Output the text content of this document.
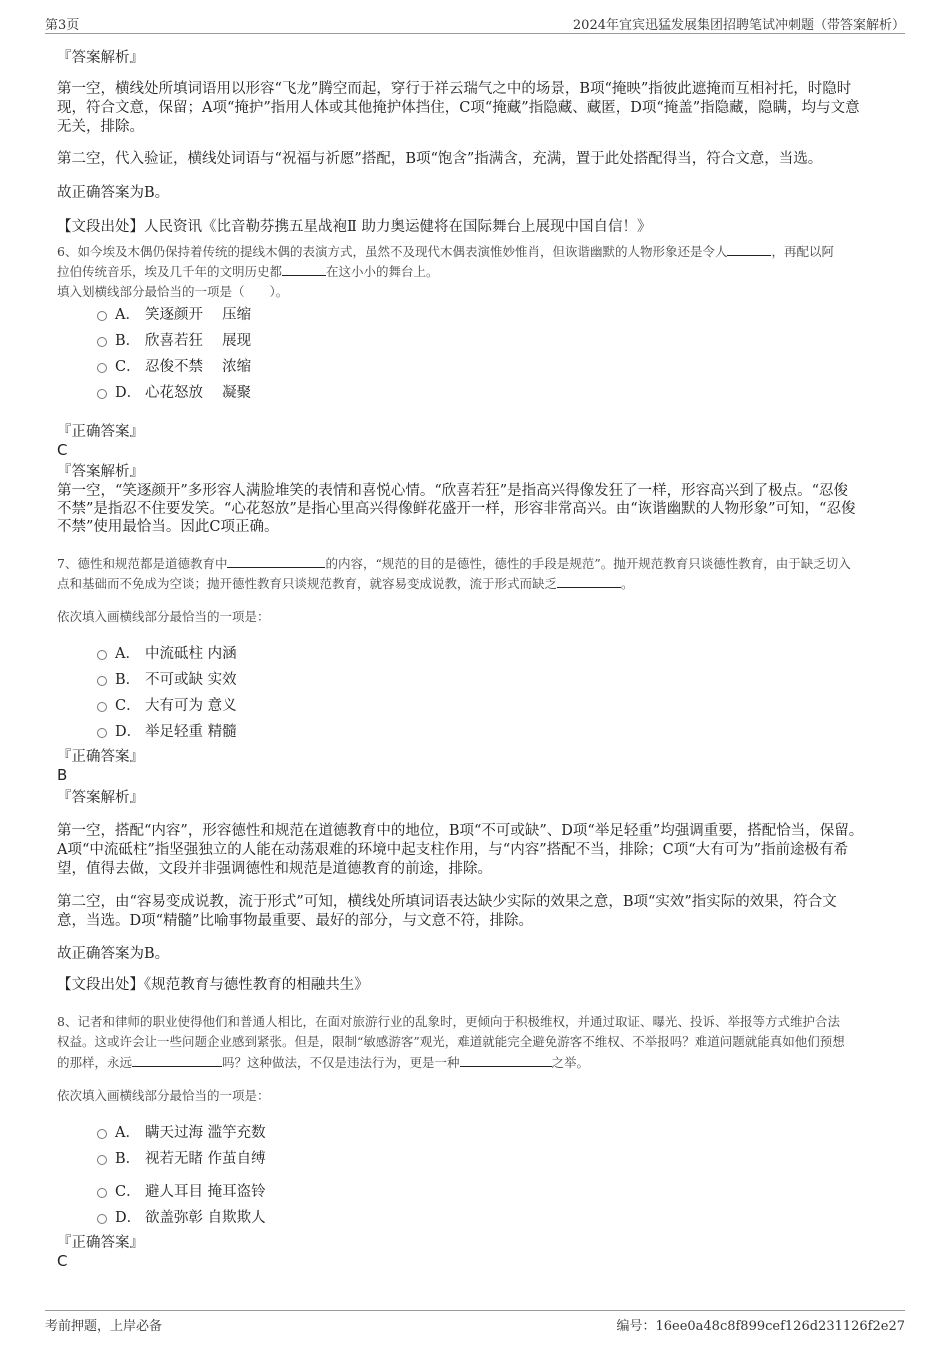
第3页	2024年宜宾迅猛发展集团招聘笔试冲刺题（带答案解析）
『答案解析』
第一空，横线处所填词语用以形容“飞龙”腾空而起，穿行于祥云瑞气之中的场景，B项“掩映”指彼此遮掩而互相衬托，时隐时
现，符合文意，保留；A项“掩护”指用人体或其他掩护体挡住，C项“掩藏”指隐藏、藏匿，D项“掩盖”指隐藏，隐瞒，均与文意
无关，排除。
第二空，代入验证，横线处词语与“祝福与祈愿”搭配，B项“饱含”指满含，充满，置于此处搭配得当，符合文意，当选。
故正确答案为B。
【文段出处】人民资讯《比音勒芬携五星战袍Ⅱ 助力奥运健将在国际舞台上展现中国自信！》
6、如今埃及木偶仍保持着传统的提线木偶的表演方式，虽然不及现代木偶表演惟妙惟肖，但诙谐幽默的人物形象还是令人	，再配以阿
拉伯传统音乐，埃及几千年的文明历史都	在这小小的舞台上。
填入划横线部分最恰当的一项是（　　）。
A． 笑逐颜开　 压缩
B． 欣喜若狂　 展现
C． 忍俊不禁　 浓缩
D． 心花怒放　 凝聚
『正确答案』
C
『答案解析』
第一空，“笑逐颜开”多形容人满脸堆笑的表情和喜悦心情。“欣喜若狂”是指高兴得像发狂了一样，形容高兴到了极点。“忍俊
不禁”是指忍不住要发笑。“心花怒放”是指心里高兴得像鲜花盛开一样，形容非常高兴。由“诙谐幽默的人物形象”可知，“忍俊
不禁”使用最恰当。因此C项正确。
7、德性和规范都是道德教育中	的内容，“规范的目的是德性，德性的手段是规范”。抛开规范教育只谈德性教育，由于缺乏切入
点和基础而不免成为空谈；抛开德性教育只谈规范教育，就容易变成说教，流于形式而缺乏	。
依次填入画横线部分最恰当的一项是：
A． 中流砥柱 内涵
B． 不可或缺 实效
C． 大有可为 意义
D． 举足轻重 精髓
『正确答案』
B
『答案解析』
第一空，搭配“内容”，形容德性和规范在道德教育中的地位，B项“不可或缺”、D项“举足轻重”均强调重要，搭配恰当，保留。
A项“中流砥柱”指坚强独立的人能在动荡艰难的环境中起支柱作用，与“内容”搭配不当，排除；C项“大有可为”指前途极有希
望，值得去做，文段并非强调德性和规范是道德教育的前途，排除。
第二空，由“容易变成说教，流于形式”可知，横线处所填词语表达缺少实际的效果之意，B项“实效”指实际的效果，符合文
意，当选。D项“精髓”比喻事物最重要、最好的部分，与文意不符，排除。
故正确答案为B。
【文段出处】《规范教育与德性教育的相融共生》
8、记者和律师的职业使得他们和普通人相比，在面对旅游行业的乱象时，更倾向于积极维权，并通过取证、曝光、投诉、举报等方式维护合法
权益。这或许会让一些问题企业感到紧张。但是，限制“敏感游客”观光，难道就能完全避免游客不维权、不举报吗？难道问题就能真如他们预想
的那样，永远	吗？这种做法，不仅是违法行为，更是一种	之举。
依次填入画横线部分最恰当的一项是：
A． 瞒天过海 滥竽充数
B． 视若无睹 作茧自缚
C． 避人耳目 掩耳盗铃
D． 欲盖弥彰 自欺欺人
『正确答案』
C
考前押题，上岸必备	编号：16ee0a48c8f899cef126d231126f2e27
